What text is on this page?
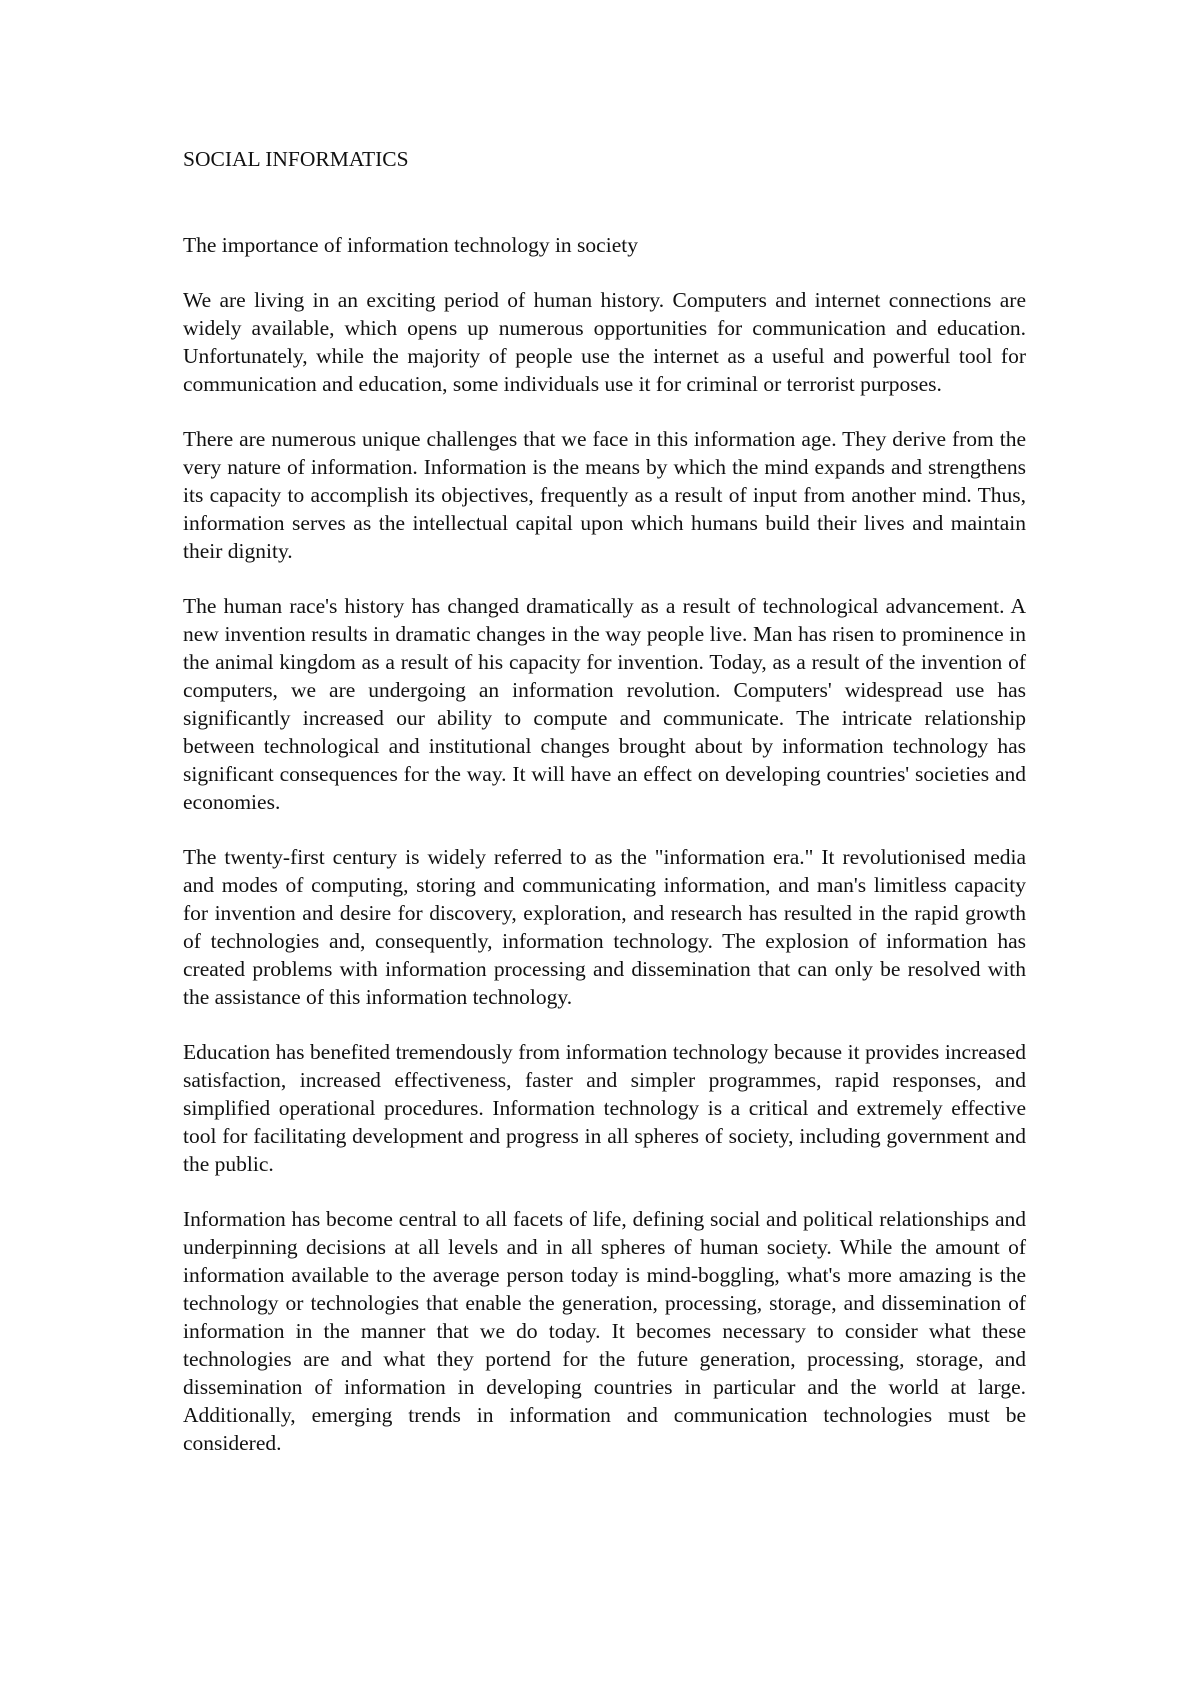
SOCIAL INFORMATICS
The importance of information technology in society

We are living in an exciting period of human history. Computers and internet connections are widely available, which opens up numerous opportunities for communication and education. Unfortunately, while the majority of people use the internet as a useful and powerful tool for communication and education, some individuals use it for criminal or terrorist purposes.

There are numerous unique challenges that we face in this information age. They derive from the very nature of information. Information is the means by which the mind expands and strengthens its capacity to accomplish its objectives, frequently as a result of input from another mind. Thus, information serves as the intellectual capital upon which humans build their lives and maintain their dignity.

The human race's history has changed dramatically as a result of technological advancement. A new invention results in dramatic changes in the way people live. Man has risen to prominence in the animal kingdom as a result of his capacity for invention. Today, as a result of the invention of computers, we are undergoing an information revolution. Computers' widespread use has significantly increased our ability to compute and communicate. The intricate relationship between technological and institutional changes brought about by information technology has significant consequences for the way. It will have an effect on developing countries' societies and economies.

The twenty-first century is widely referred to as the "information era." It revolutionised media and modes of computing, storing and communicating information, and man's limitless capacity for invention and desire for discovery, exploration, and research has resulted in the rapid growth of technologies and, consequently, information technology. The explosion of information has created problems with information processing and dissemination that can only be resolved with the assistance of this information technology.

Education has benefited tremendously from information technology because it provides increased satisfaction, increased effectiveness, faster and simpler programmes, rapid responses, and simplified operational procedures. Information technology is a critical and extremely effective tool for facilitating development and progress in all spheres of society, including government and the public.

Information has become central to all facets of life, defining social and political relationships and underpinning decisions at all levels and in all spheres of human society. While the amount of information available to the average person today is mind-boggling, what's more amazing is the technology or technologies that enable the generation, processing, storage, and dissemination of information in the manner that we do today. It becomes necessary to consider what these technologies are and what they portend for the future generation, processing, storage, and dissemination of information in developing countries in particular and the world at large. Additionally, emerging trends in information and communication technologies must be considered.
